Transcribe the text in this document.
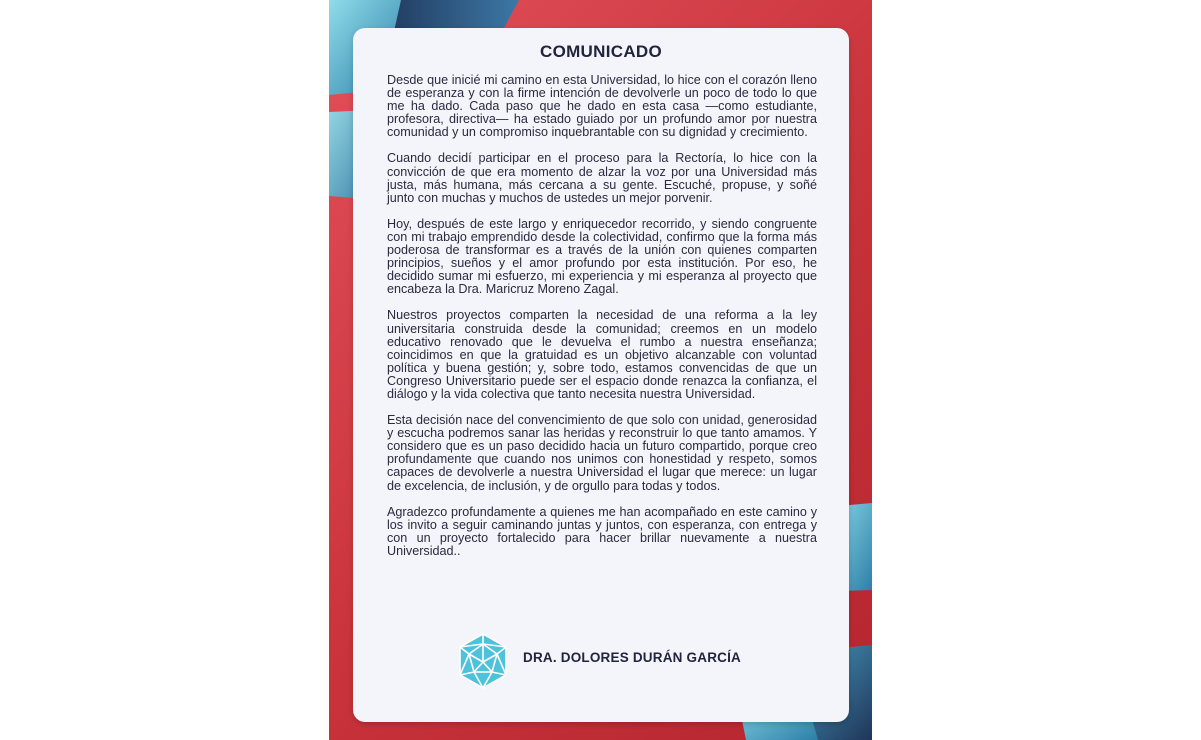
COMUNICADO

Desde que inicié mi camino en esta Universidad, lo hice con el corazón lleno de esperanza y con la firme intención de devolverle un poco de todo lo que me ha dado. Cada paso que he dado en esta casa —como estudiante, profesora, directiva— ha estado guiado por un profundo amor por nuestra comunidad y un compromiso inquebrantable con su dignidad y crecimiento.

Cuando decidí participar en el proceso para la Rectoría, lo hice con la convicción de que era momento de alzar la voz por una Universidad más justa, más humana, más cercana a su gente. Escuché, propuse, y soñé junto con muchas y muchos de ustedes un mejor porvenir.

Hoy, después de este largo y enriquecedor recorrido, y siendo congruente con mi trabajo emprendido desde la colectividad, confirmo que la forma más poderosa de transformar es a través de la unión con quienes comparten principios, sueños y el amor profundo por esta institución. Por eso, he decidido sumar mi esfuerzo, mi experiencia y mi esperanza al proyecto que encabeza la Dra. Maricruz Moreno Zagal.

Nuestros proyectos comparten la necesidad de una reforma a la ley universitaria construida desde la comunidad; creemos en un modelo educativo renovado que le devuelva el rumbo a nuestra enseñanza; coincidimos en que la gratuidad es un objetivo alcanzable con voluntad política y buena gestión; y, sobre todo, estamos convencidas de que un Congreso Universitario puede ser el espacio donde renazca la confianza, el diálogo y la vida colectiva que tanto necesita nuestra Universidad.

Esta decisión nace del convencimiento de que solo con unidad, generosidad y escucha podremos sanar las heridas y reconstruir lo que tanto amamos. Y considero que es un paso decidido hacia un futuro compartido, porque creo profundamente que cuando nos unimos con honestidad y respeto, somos capaces de devolverle a nuestra Universidad el lugar que merece: un lugar de excelencia, de inclusión, y de orgullo para todas y todos.

Agradezco profundamente a quienes me han acompañado en este camino y los invito a seguir caminando juntas y juntos, con esperanza, con entrega y con un proyecto fortalecido para hacer brillar nuevamente a nuestra Universidad..

DRA. DOLORES DURÁN GARCÍA
